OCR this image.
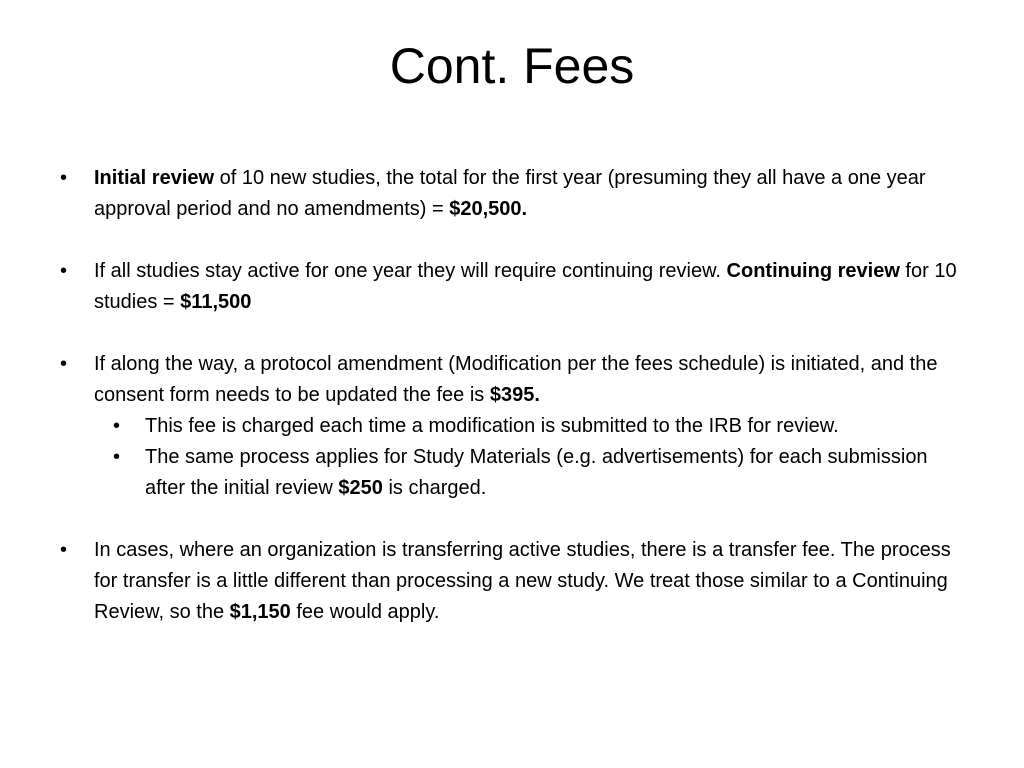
Cont. Fees
•	Initial review of 10 new studies, the total for the first year (presuming they all have a one year approval period and no amendments) = $20,500.
•	If all studies stay active for one year they will require continuing review. Continuing review for 10 studies = $11,500
•	If along the way, a protocol amendment (Modification per the fees schedule) is initiated, and the consent form needs to be updated the fee is $395.
•	This fee is charged each time a modification is submitted to the IRB for review.
•	The same process applies for Study Materials (e.g. advertisements) for each submission after the initial review $250 is charged.
•	In cases, where an organization is transferring active studies, there is a transfer fee. The process for transfer is a little different than processing a new study. We treat those similar to a Continuing Review, so the $1,150 fee would apply.
